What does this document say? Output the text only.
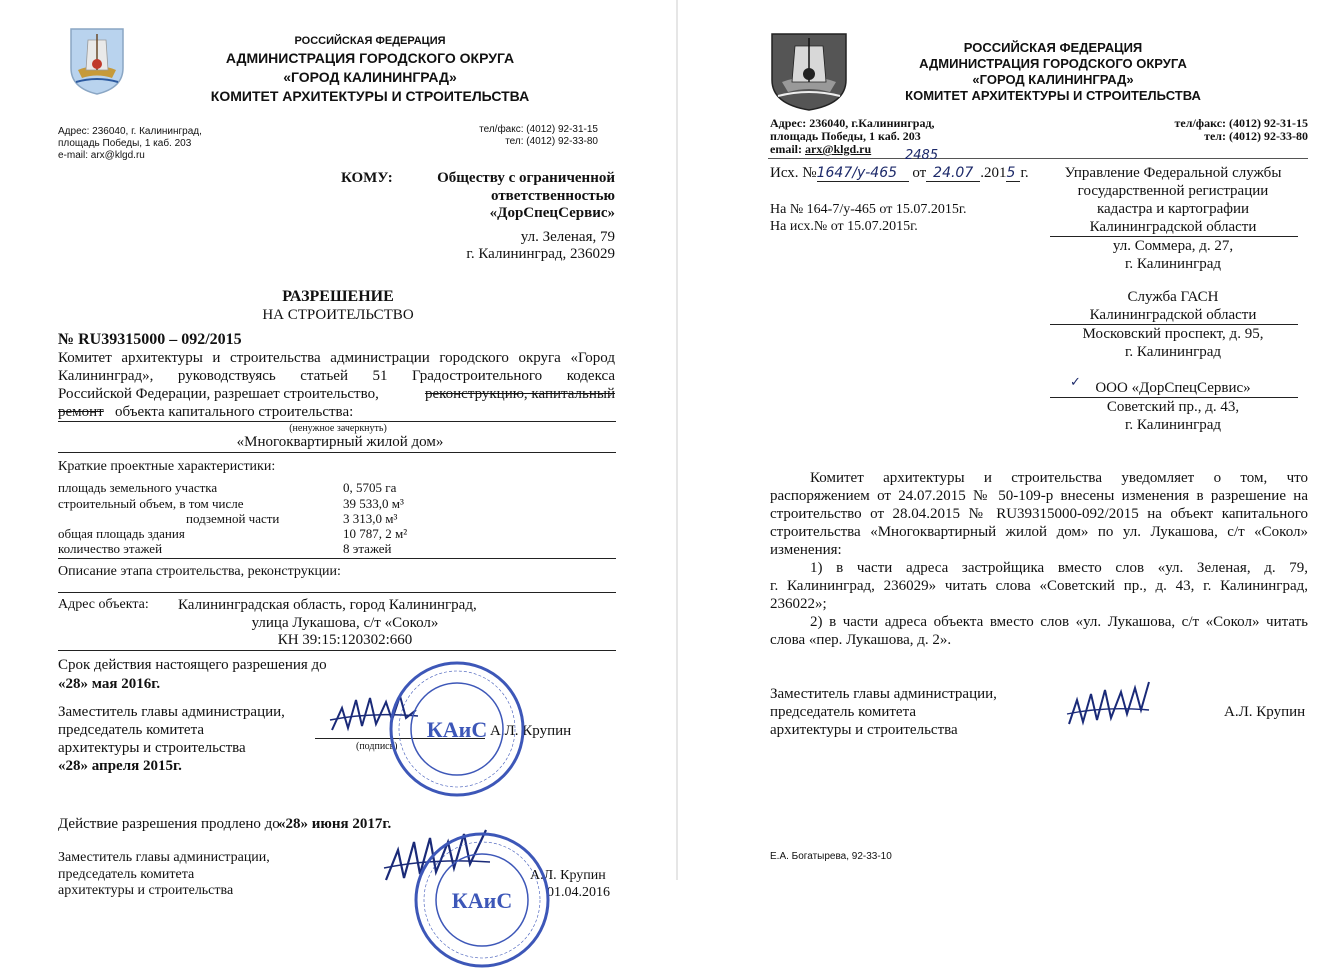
РОССИЙСКАЯ ФЕДЕРАЦИЯ
АДМИНИСТРАЦИЯ ГОРОДСКОГО ОКРУГА
«ГОРОД КАЛИНИНГРАД»
КОМИТЕТ АРХИТЕКТУРЫ И СТРОИТЕЛЬСТВА
Адрес: 236040, г. Калининград,
площадь Победы, 1 каб. 203
e-mail: arx@klgd.ru
тел/факс: (4012) 92-31-15
тел: (4012) 92-33-80
КОМУ:	Обществу с ограниченной
ответственностью
«ДорСпецСервис»
ул. Зеленая, 79
г. Калининград, 236029
РАЗРЕШЕНИЕ
НА СТРОИТЕЛЬСТВО
№ RU39315000 – 092/2015
Комитет архитектуры и строительства администрации городского округа «Город
Калининград», руководствуясь статьей 51 Градостроительного кодекса
Российской Федерации, разрешает строительство,	реконструкцию, капитальный
ремонт объекта капитального строительства:
(ненужное зачеркнуть)
«Многоквартирный жилой дом»
Краткие проектные характеристики:
площадь земельного участка	0, 5705 га
строительный объем, в том числе	39 533,0 м³
подземной части	3 313,0 м³
общая площадь здания	10 787, 2 м²
количество этажей	8 этажей
Описание этапа строительства, реконструкции:
Адрес объекта: Калининградская область, город Калининград,
улица Лукашова, с/т «Сокол»
КН 39:15:120302:660
Срок действия настоящего разрешения до
«28» мая 2016г.
Заместитель главы администрации,
председатель комитета
архитектуры и строительства
«28» апреля 2015г.
(подпись)
А.Л. Крупин
КАиС
Действие разрешения продлено до
«28» июня 2017г.
Заместитель главы администрации,
председатель комитета
архитектуры и строительства
А.Л. Крупин
01.04.2016
КАиС
РОССИЙСКАЯ ФЕДЕРАЦИЯ
АДМИНИСТРАЦИЯ ГОРОДСКОГО ОКРУГА
«ГОРОД КАЛИНИНГРАД»
КОМИТЕТ АРХИТЕКТУРЫ И СТРОИТЕЛЬСТВА
Адрес: 236040, г.Калининград,
площадь Победы, 1 каб. 203
email: arx@klgd.ru
тел/факс: (4012) 92-31-15
тел: (4012) 92-33-80
Исх. №1647/у-465 от 24.07 .2015 г.
2485
На № 164-7/у-465 от 15.07.2015г.
На исх.№ от 15.07.2015г.
Управление Федеральной службы
государственной регистрации
кадастра и картографии
Калининградской области
ул. Соммера, д. 27,
г. Калининград
Служба ГАСН
Калининградской области
Московский проспект, д. 95,
г. Калининград
✓ ООО «ДорСпецСервис»
Советский пр., д. 43,
г. Калининград
Комитет архитектуры и строительства уведомляет о том, что
распоряжением от 24.07.2015 № 50-109-р внесены изменения в разрешение на
строительство от 28.04.2015 № RU39315000-092/2015 на объект капитального
строительства «Многоквартирный жилой дом» по ул. Лукашова, с/т «Сокол»
изменения:
1) в части адреса застройщика вместо слов «ул. Зеленая, д. 79,
г. Калининград, 236029» читать слова «Советский пр., д. 43, г. Калининград,
236022»;
2) в части адреса объекта вместо слов «ул. Лукашова, с/т «Сокол» читать
слова «пер. Лукашова, д. 2».
Заместитель главы администрации,
председатель комитета
архитектуры и строительства
А.Л. Крупин
Е.А. Богатырева, 92-33-10
